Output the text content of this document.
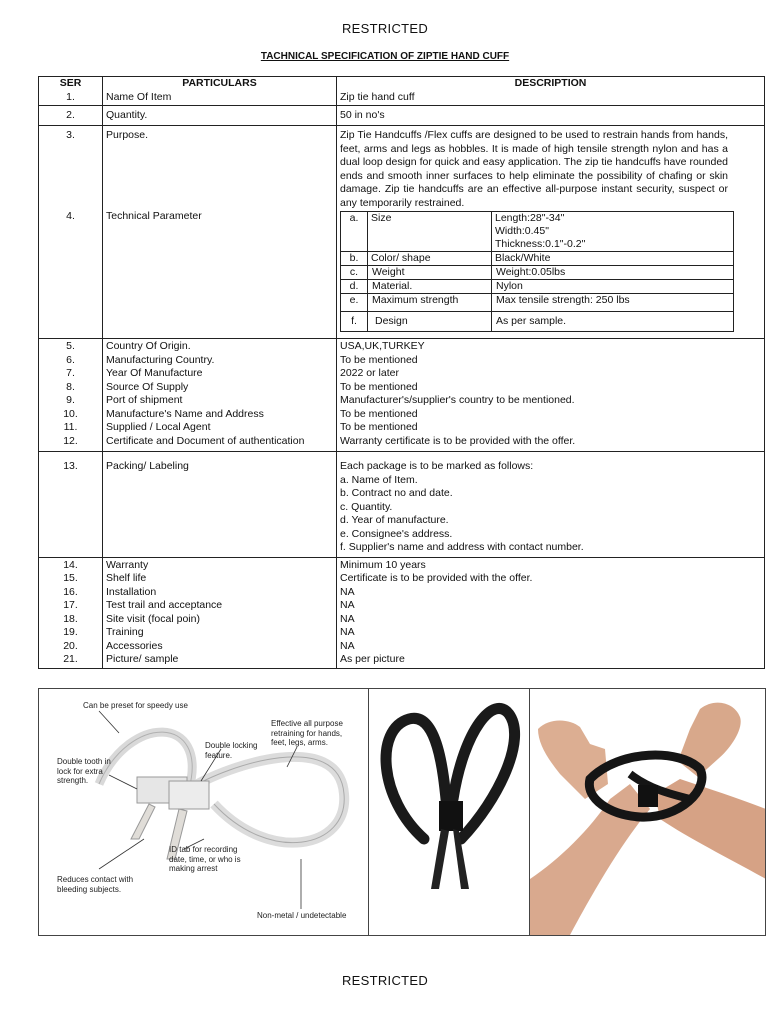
RESTRICTED
TACHNICAL SPECIFICATION OF ZIPTIE HAND CUFF
SER	PARTICULARS	DESCRIPTION
1.	Name Of Item	Zip tie hand cuff
2.	Quantity.	50 in no's
3.	Purpose.	Zip Tie Handcuffs /Flex cuffs are designed to be used to restrain hands from hands, feet, arms and legs as hobbles. It is made of high tensile strength nylon and has a dual loop design for quick and easy application. The zip tie handcuffs have rounded ends and smooth inner surfaces to help eliminate the possibility of chafing or skin damage. Zip tie handcuffs are an effective all-purpose instant security, suspect or any temporarily restrained.
4.	Technical Parameter		a.	Size	Length:28"-34"
Width:0.45"
Thickness:0.1"-0.2"

b.	Color/ shape	Black/White
c.	Weight	Weight:0.05lbs
d.	Material.	Nylon
e.	Maximum strength	Max tensile strength: 250 lbs
f.	Design	As per sample.

5.	Country Of Origin.	USA,UK,TURKEY
6.	Manufacturing Country.	To be mentioned
7.	Year Of Manufacture	2022 or later
8.	Source Of Supply	To be mentioned
9.	Port of shipment	Manufacturer's/supplier's country to be mentioned.
10.	Manufacture's Name and Address	To be mentioned
11.	Supplied / Local Agent	To be mentioned
12.	Certificate and Document of authentication	Warranty certificate is to be provided with the offer.
13.	Packing/ Labeling	Each package is to be marked as follows:
a. Name of Item.
b. Contract no and date.
c. Quantity.
d. Year of manufacture.
e. Consignee's address.
f. Supplier's name and address with contact number.

14.	Warranty	Minimum 10 years
15.	Shelf life	Certificate is to be provided with the offer.
16.	Installation	NA
17.	Test trail and acceptance	NA
18.	Site visit (focal poin)	NA
19.	Training	NA
20.	Accessories	NA
21.	Picture/ sample	As per picture
Can be preset for speedy use
Double tooth in lock for extra strength.
Double locking feature.
Effective all purpose retraining for hands, feet, legs, arms.
ID tab for recording date, time, or who is making arrest
Reduces contact with bleeding subjects.
Non-metal / undetectable
RESTRICTED
